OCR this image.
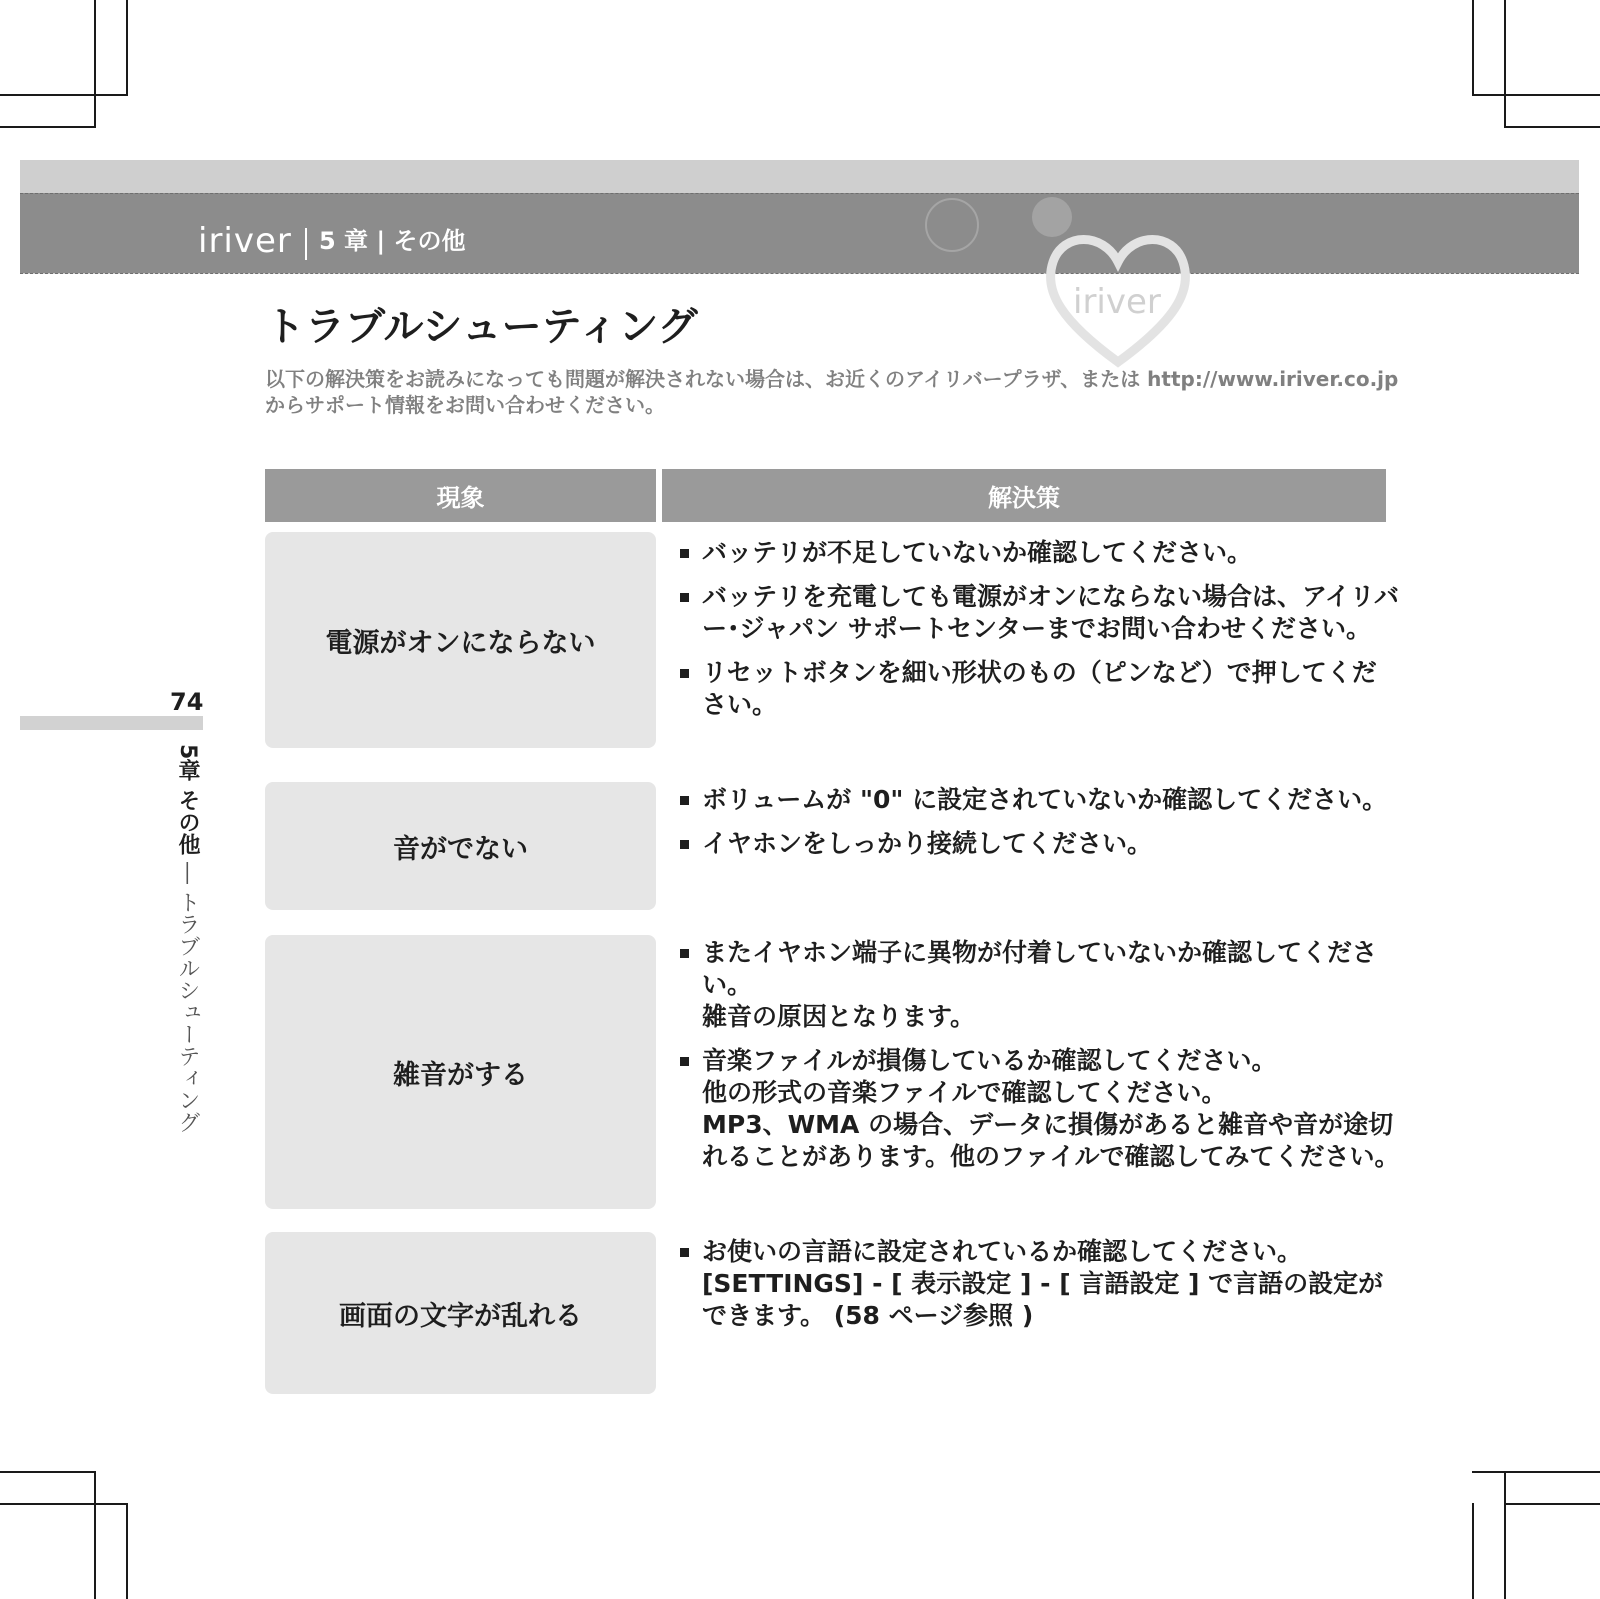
iriver 5 章 | その他
iriver
トラブルシューティング

以下の解決策をお読みになっても問題が解決されない場合は、お近くのアイリバープラザ、または http://www.iriver.co.jp からサポート情報をお問い合わせください。

現象	解決策
電源がオンにならない
バッテリが不足していないか確認してください。
バッテリを充電しても電源がオンにならない場合は、アイリバー･ジャパン サポートセンターまでお問い合わせください。
リセットボタンを細い形状のもの（ピンなど）で押してください。
音がでない
ボリュームが "0" に設定されていないか確認してください。
イヤホンをしっかり接続してください。
雑音がする
またイヤホン端子に異物が付着していないか確認してください。
雑音の原因となります。
音楽ファイルが損傷しているか確認してください。
他の形式の音楽ファイルで確認してください。
MP3、WMA の場合、データに損傷があると雑音や音が途切れることがあります。他のファイルで確認してみてください。
画面の文字が乱れる
お使いの言語に設定されているか確認してください。
[SETTINGS] - [ 表示設定 ] - [ 言語設定 ] で言語の設定ができます。 (58 ページ参照 )
74
5章 その他 ― トラブルシューティング
